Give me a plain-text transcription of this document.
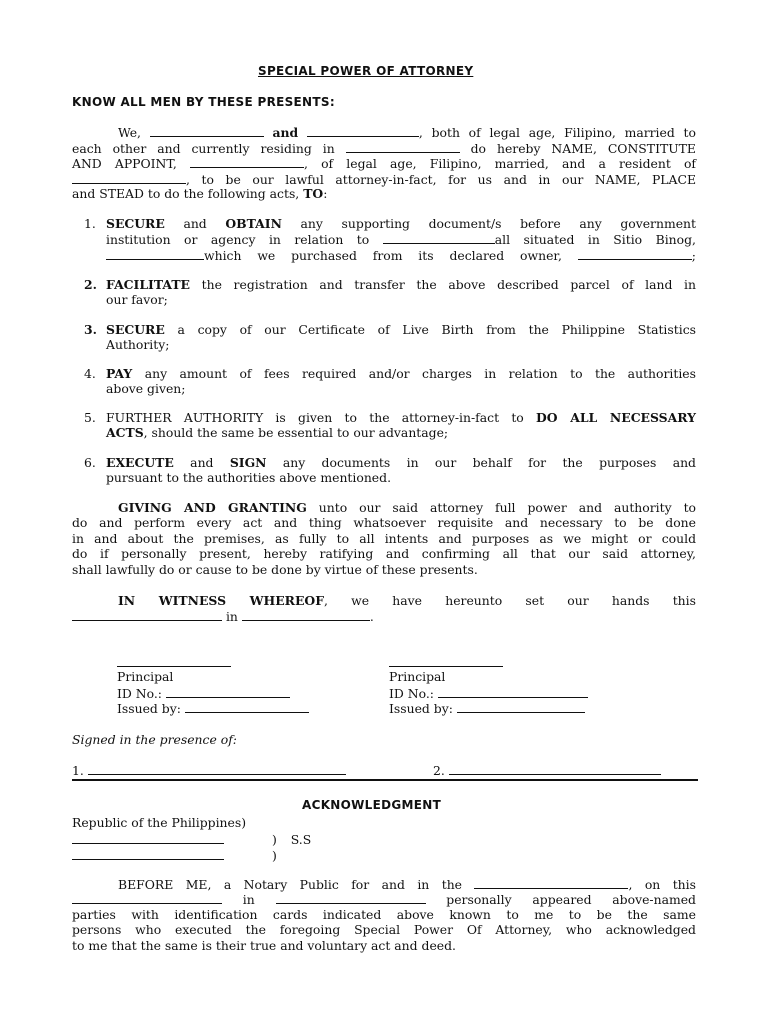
SPECIAL POWER OF ATTORNEY
KNOW ALL MEN BY THESE PRESENTS:
We,	and	, both of legal age, Filipino, married to
each other and currently residing in	do hereby NAME, CONSTITUTE
AND APPOINT,	, of legal age, Filipino, married, and a resident of
, to be our lawful attorney-in-fact, for us and in our NAME, PLACE
and STEAD to do the following acts, TO:
1. SECURE and OBTAIN any supporting document/s before any government
institution or agency in relation to	all situated in Sitio Binog,
which we purchased from its declared owner,	;
2. FACILITATE the registration and transfer the above described parcel of land in
our favor;
3. SECURE a copy of our Certificate of Live Birth from the Philippine Statistics
Authority;
4. PAY any amount of fees required and/or charges in relation to the authorities
above given;
5. FURTHER AUTHORITY is given to the attorney-in-fact to DO ALL NECESSARY
ACTS, should the same be essential to our advantage;
6. EXECUTE and SIGN any documents in our behalf for the purposes and
pursuant to the authorities above mentioned.
GIVING AND GRANTING unto our said attorney full power and authority to
do and perform every act and thing whatsoever requisite and necessary to be done
in and about the premises, as fully to all intents and purposes as we might or could
do if personally present, hereby ratifying and confirming all that our said attorney,
shall lawfully do or cause to be done by virtue of these presents.
IN WITNESS WHEREOF, we have hereunto set our hands this
in	.
Principal
ID No.:
Issued by:
Principal
ID No.:
Issued by:
Signed in the presence of:
1.	2.
ACKNOWLEDGMENT
Republic of the Philippines)
) S.S
)
BEFORE ME, a Notary Public for and in the	, on this
in	personally appeared above-named
parties with identification cards indicated above known to me to be the same
persons who executed the foregoing Special Power Of Attorney, who acknowledged
to me that the same is their true and voluntary act and deed.
